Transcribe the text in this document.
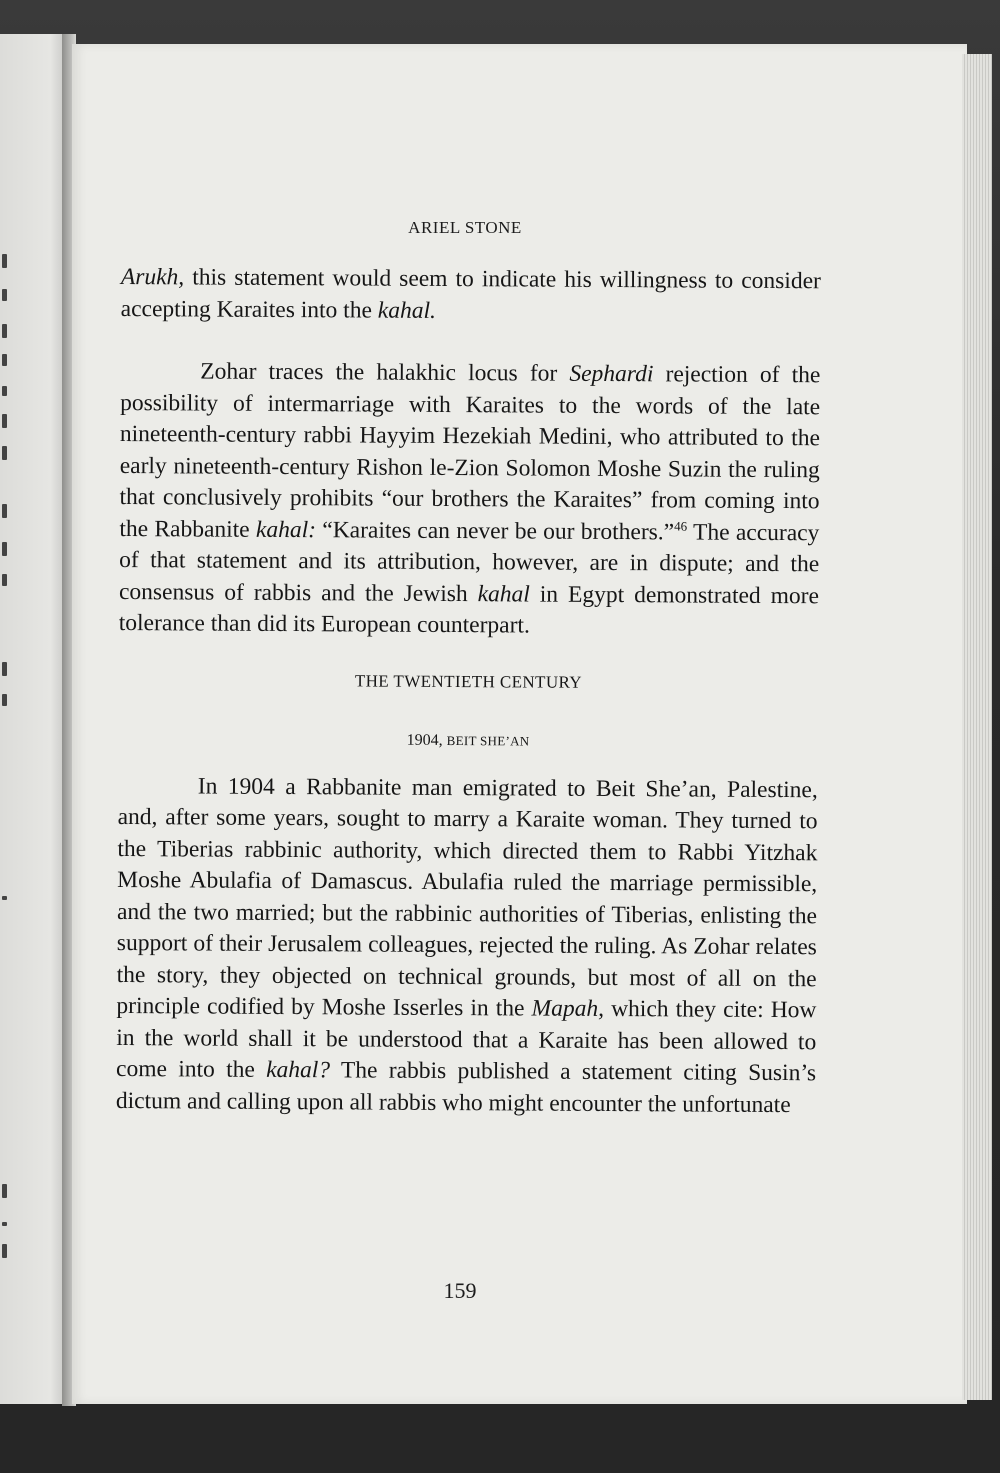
ARIEL STONE

Arukh, this statement would seem to indicate his willingness to consider accepting Karaites into the kahal.

Zohar traces the halakhic locus for Sephardi rejection of the possibility of intermarriage with Karaites to the words of the late nineteenth-century rabbi Hayyim Hezekiah Medini, who attributed to the early nineteenth-century Rishon le-Zion Solomon Moshe Suzin the ruling that conclusively prohibits “our brothers the Karaites” from coming into the Rabbanite kahal: “Karaites can never be our brothers.”$^{46}$ The accuracy of that statement and its attribution, however, are in dispute; and the consensus of rabbis and the Jewish kahal in Egypt demonstrated more tolerance than did its European counterpart.

THE TWENTIETH CENTURY

1904, BEIT SHE’AN

In 1904 a Rabbanite man emigrated to Beit She’an, Palestine, and, after some years, sought to marry a Karaite woman. They turned to the Tiberias rabbinic authority, which directed them to Rabbi Yitzhak Moshe Abulafia of Damascus. Abulafia ruled the marriage permissible, and the two married; but the rabbinic authorities of Tiberias, enlisting the support of their Jerusalem colleagues, rejected the ruling. As Zohar relates the story, they objected on technical grounds, but most of all on the principle codified by Moshe Isserles in the Mapah, which they cite: How in the world shall it be understood that a Karaite has been allowed to come into the kahal? The rabbis published a statement citing Susin’s dictum and calling upon all rabbis who might encounter the unfortunate

159
